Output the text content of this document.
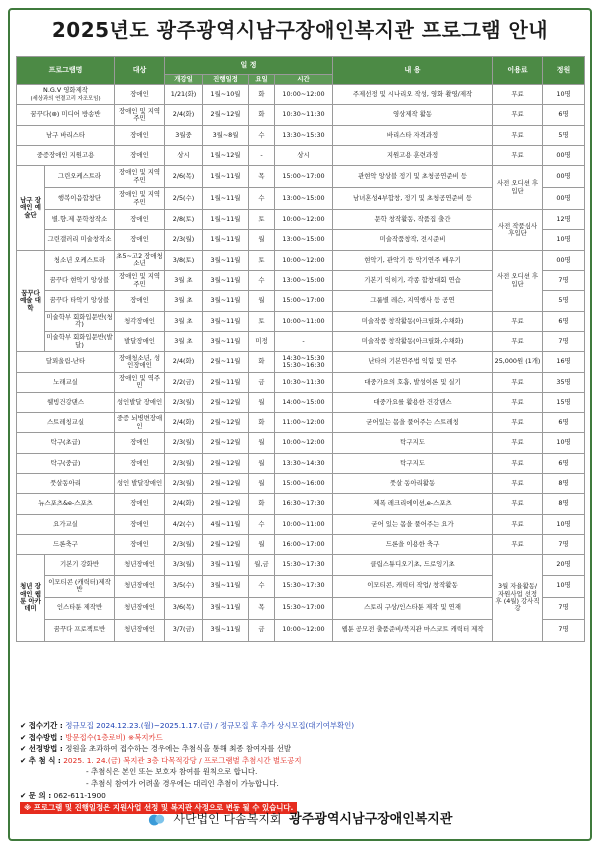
2025년도 광주광역시남구장애인복지관 프로그램 안내
프로그램명		대상	일 정				내 용	이용료	정원
			개강일	진행일정	요일	시간			
N.G.V 영화제작
(세상과의 연결고리 자조모임)		장애인	1/21(화)	1월~10월	화	10:00~12:00	주제선정 및 시나리오 작성, 영화 촬영/제작	무료	10명
꿈꾸다(⊛) 미디어 방송반		장애인 및 지역주민	2/4(화)	2월~12월	화	10:30~11:30	영상제작 활동	무료	6명
남구 바리스타		장애인	3월중	3월~8월	수	13:30~15:30	바리스타 자격과정	무료	5명
중증장애인 지원고용		장애인	상시	1월~12월	-	상시	지원고용 훈련과정	무료	00명
남구 장애인 예술단	그린오케스트라	장애인 및 지역주민	2/6(목)	1월~11월	목	15:00~17:00	관현악 앙상블 정기 및 초청공연준비 등	사전 오디션 후 입단	00명
	행복이음합창단	장애인 및 지역주민	2/5(수)	1월~11월	수	13:00~15:00	남녀혼성4부합창, 정기 및 초청공연준비 등		00명
	별.향.제 문학창작소	장애인	2/8(토)	1월~11월	토	10:00~12:00	문학 창작활동, 작품집 출간	사전 작품심사 후입단	12명
	그린갤러리 미술창작소	장애인	2/3(월)	1월~11월	월	13:00~15:00	미술작품창작, 전시준비		10명
꿈꾸다 예술 대학	청소년 오케스트라	초5~고2 장애청소년	3/8(토)	3월~11월	토	10:00~12:00	현악기, 관악기 등 악기연주 배우기	사전 오디션 후 입단	00명
	꿈꾸다 현악기 앙상블	장애인 및 지역주민	3월 초	3월~11월	수	13:00~15:00	기본기 익히기, 각종 합창대회 연습		7명
	꿈꾸다 타악기 앙상블	장애인	3월 초	3월~11월	월	15:00~17:00	그룹별 레슨, 지역행사 등 공연		5명
	미술학부 회화입문반(청각)	청각장애인	3월 초	3월~11월	토	10:00~11:00	미술작품 창작활동(아크릴화,수채화)	무료	6명
	미술학부 회화입문반(발달)	발달장애인	3월 초	3월~11월	미정	-	미술작품 창작활동(아크릴화,수채화)	무료	7명
달꾀울림-난타		장애청소년, 성인장애인	2/4(화)	2월~11월	화	14:30~15:30 15:30~16:30	난타의 기본연주법 익힘 및 연주	25,000원 (1개)	16명
노래교실		장애인 및 역주민	2/2(금)	2월~11월	금	10:30~11:30	대중가요의 호흡, 발성이론 및 실기	무료	35명
웰빙건강댄스		성인발달 장애인	2/3(월)	2월~12월	월	14:00~15:00	대중가요를 활용한 건강댄스	무료	15명
스트레칭교실		중증 뇌병변장애인	2/4(화)	2월~12월	화	11:00~12:00	굳어있는 몸을 풀어주는 스트레칭	무료	6명
탁구(초급)		장애인	2/3(월)	2월~12월	월	10:00~12:00	탁구지도	무료	10명
탁구(중급)		장애인	2/3(월)	2월~12월	월	13:30~14:30	탁구지도	무료	6명
풋살동아리		성인 발달장애인	2/3(월)	2월~12월	월	15:00~16:00	풋살 동아리활동	무료	8명
뉴스포츠&e-스포츠		장애인	2/4(화)	2월~12월	화	16:30~17:30	제폭 레크리에이션,e-스포츠	무료	8명
요가교실		장애인	4/2(수)	4월~11월	수	10:00~11:00	굳어 있는 몸을 풀어주는 요가	무료	10명
드론축구		장애인	2/3(월)	2월~12월	월	16:00~17:00	드론을 이용한 축구	무료	7명
청년 장애인 웹툰 아카 데미	기본기 강화반	청년장애인	3/3(월)	3월~11월	월,금	15:30~17:30	클립스튜디오기초, 드로잉기초	3월 자율활동/ 자원사업 선정 후 (4월) 강사직강	20명
	이모티콘 (캐릭터)제작반	청년장애인	3/5(수)	3월~11월	수	15:30~17:30	이모티콘, 캐릭터 작업/ 창작활동		10명
	인스타툰 제작반	청년장애인	3/6(목)	3월~11월	목	15:30~17:00	스토리 구상/인스타툰 제작 및 연재		7명
	꿈꾸다 프로젝트반	청년장애인	3/7(금)	3월~11월	금	10:00~12:00	웹툰 공모전 출품준비/북지관 마스코트 캐릭터 제작		7명
✔ 접수기간 :
정규모집 2024.12.23.(월)~2025.1.17.(금)
/ 정규모집 후 추가 상시모집(대기여부확인)
✔ 접수방법 :
방문접수(1층로비)
※복지카드
✔ 선정방법 :
정원을 초과하여 접수하는 경우에는 추첨식을 통해 최종 참여자를 선발
✔ 추 첨 식 :
2025. 1. 24.(금) 복지관 3층 다목적강당 / 프로그램별 추첨시간 별도공지
- 추첨식은 본인 또는 보호자 참여를 원칙으로 합니다.
- 추첨식 참여가 어려울 경우에는 대리인 추첨이 가능합니다.
✔ 문 의 :
062-611-1900
※ 프로그램 및 진행일정은 지원사업 선정 및 복지관 사정으로 변동 될 수 있습니다.
사단법인 다솜복지회 광주광역시남구장애인복지관
